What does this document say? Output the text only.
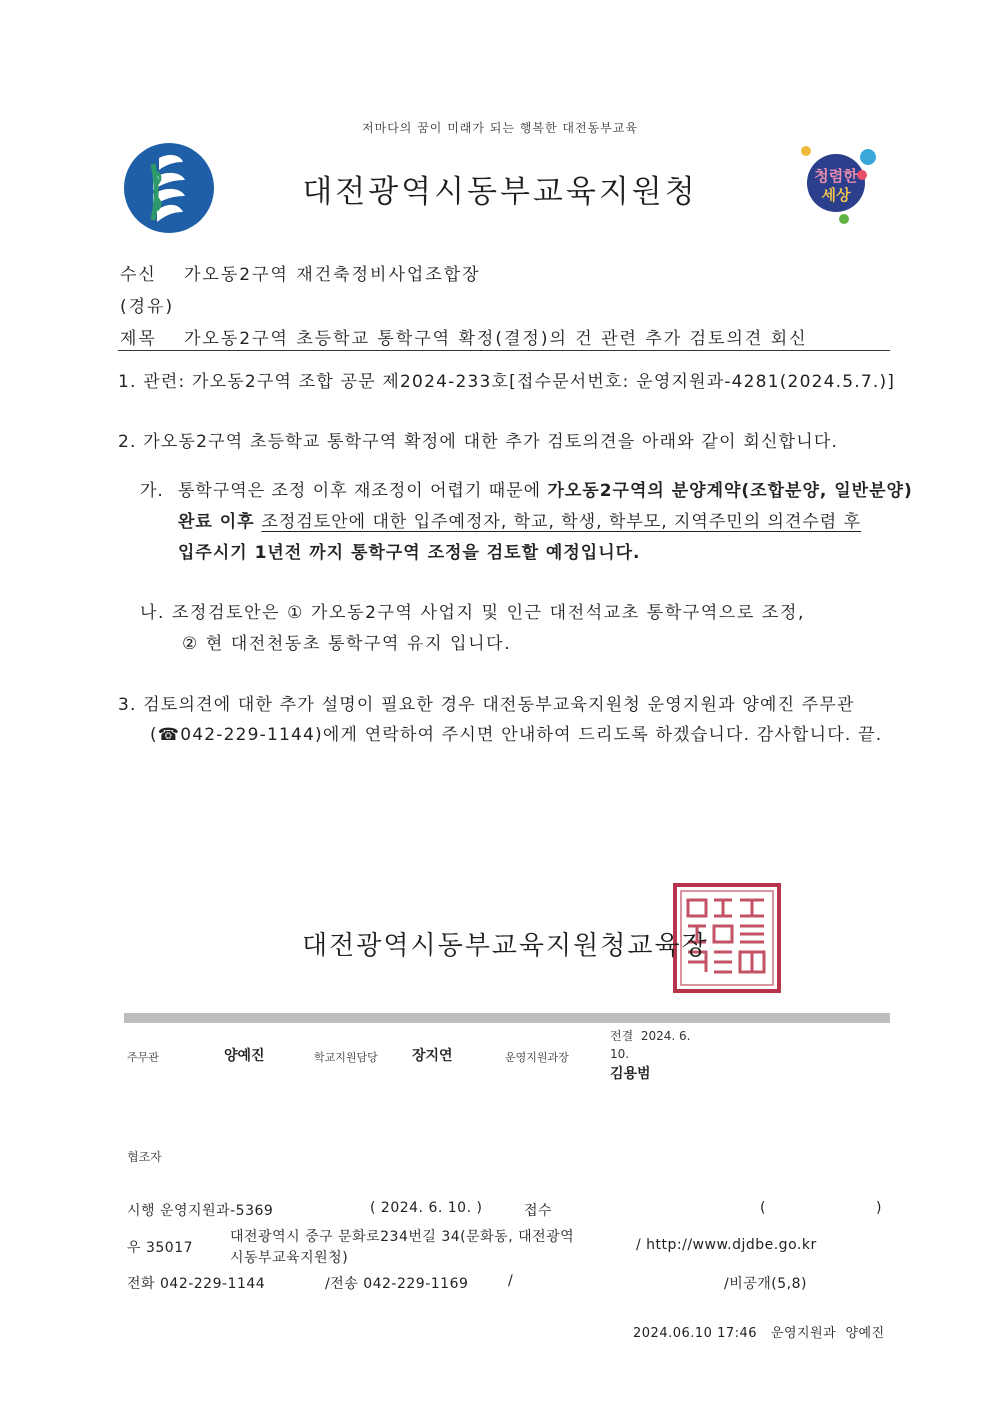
저마다의 꿈이 미래가 되는 행복한 대전동부교육
대전광역시동부교육지원청	청렴한
세상
수신 가오동2구역 재건축정비사업조합장
(경유)
제목 가오동2구역 초등학교 통학구역 확정(결정)의 건 관련 추가 검토의견 회신
1. 관련: 가오동2구역 조합 공문 제2024-233호[접수문서번호: 운영지원과-4281(2024.5.7.)]
2. 가오동2구역 초등학교 통학구역 확정에 대한 추가 검토의견을 아래와 같이 회신합니다.
가. 통학구역은 조정 이후 재조정이 어렵기 때문에 가오동2구역의 분양계약(조합분양, 일반분양)
완료 이후 조정검토안에 대한 입주예정자, 학교, 학생, 학부모, 지역주민의 의견수렴 후
입주시기 1년전 까지 통학구역 조정을 검토할 예정입니다.
나. 조정검토안은 ① 가오동2구역 사업지 및 인근 대전석교초 통학구역으로 조정,
② 현 대전천동초 통학구역 유지 입니다.
3. 검토의견에 대한 추가 설명이 필요한 경우 대전동부교육지원청 운영지원과 양예진 주무관
(☎042-229-1144)에게 연락하여 주시면 안내하여 드리도록 하겠습니다. 감사합니다. 끝.
대전광역시동부교육지원청교육장
주무관	양예진	학교지원담당 장지연	운영지원과장
전결 2024. 6.
10.
김용범
협조자
시행 운영지원과-5369	( 2024. 6. 10. )	접수	(	)
우 35017
대전광역시 중구 문화로234번길 34(문화동, 대전광역
시동부교육지원청)
/ http://www.djdbe.go.kr
전화 042-229-1144	/전송 042-229-1169	/	/비공개(5,8)
2024.06.10 17:46   운영지원과  양예진
